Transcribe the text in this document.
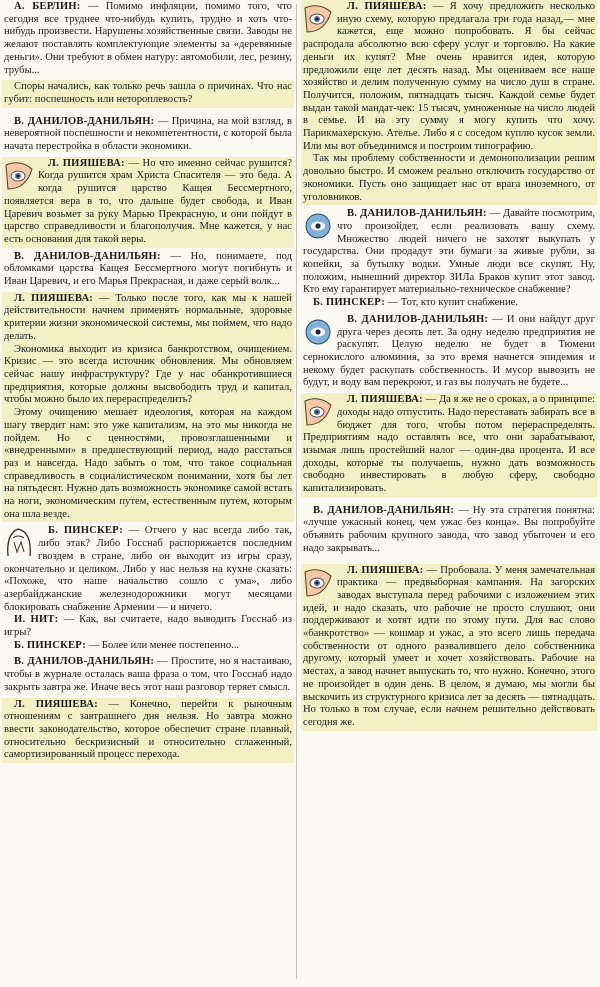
А. БЕРЛИН: — Помимо инфляции, помимо того, что сегодня все труднее что-нибудь купить, трудно и хоть что-нибудь произвести. Нарушены хозяйственные связи. Заводы не желают поставлять комплектующие элементы за «деревянные деньги». Они требуют в обмен натуру: автомобили, лес, резину, трубы...

Споры начались, как только речь зашла о причинах. Что нас губит: поспешность или нетороплевость?

В. ДАНИЛОВ-ДАНИЛЬЯН: — Причина, на мой взгляд, в невероятной поспешности и некомпетентности, с которой была начата перестройка в области экономики.

Л. ПИЯШЕВА: — Но что именно сейчас рушится? Когда рушится храм Христа Спасителя — это беда. А когда рушится царство Кащея Бессмертного, появляется вера в то, что дальше будет свобода, и Иван Царевич возьмет за руку Марью Прекрасную, и они пойдут в царство справедливости и благополучия. Мне кажется, у нас есть основания для такой веры.

В. ДАНИЛОВ-ДАНИЛЬЯН: — Но, понимаете, под обломками царства Кащея Бессмертного могут погибнуть и Иван Царевич, и его Марья Прекрасная, и даже серый волк...

Л. ПИЯШЕВА: — Только после того, как мы к нашей действительности начнем применять нормальные, здоровые критерии жизни экономической системы, мы поймем, что надо делать.

Экономика выходит из кризиса банкротством, очищением. Кризис — это всегда источник обновления. Мы обновляем сейчас нашу инфраструктуру? Где у нас обанкротившиеся предприятия, которые должны высвободить труд и капитал, чтобы можно было их перераспределить?

Этому очищению мешает идеология, которая на каждом шагу твердит нам: это уже капитализм, на это мы никогда не пойдем. Но с ценностями, провозглашенными и «внедренными» в предшествующий период, надо расстаться раз и навсегда. Надо забыть о том, что такое социальная справедливость в социалистическом понимании, хотя бы лет на пятьдесят. Нужно дать возможность экономике самой встать на ноги, экономическим путем, естественным путем, которым она шла везде.

Б. ПИНСКЕР: — Отчего у нас всегда либо так, либо этак? Либо Госснаб распоряжается последним гвоздем в стране, либо он выходит из игры сразу, окончательно и целиком. Либо у нас нельзя на кухне сказать: «Похоже, что наше начальство сошло с ума», либо азербайджанские железнодорожники могут месяцами блокировать снабжение Армении — и ничего.

И. НИТ: — Как, вы считаете, надо выводить Госснаб из игры?

Б. ПИНСКЕР: — Более или менее постепенно...

В. ДАНИЛОВ-ДАНИЛЬЯН: — Простите, но я настаиваю, чтобы в журнале осталась ваша фраза о том, что Госснаб надо закрыть завтра же. Иначе весь этот наш разговор теряет смысл.

Л. ПИЯШЕВА: — Конечно, перейти к рыночным отношениям с завтрашнего дня нельзя. Но завтра можно ввести законодательство, которое обеспечит стране плавный, относительно бескризисный и относительно сглаженный, самортизированный процесс перехода.

Л. ПИЯШЕВА: — Я хочу предложить несколько иную схему, которую предлагала три года назад,— мне кажется, еще можно попробовать. Я бы сейчас распродала абсолютно всю сферу услуг и торговлю. На какие деньги их купят? Мне очень нравится идея, которую предложили еще лет десять назад. Мы оцениваем все наше хозяйство и делим полученную сумму на число душ в стране. Получится, положим, пятнадцать тысяч. Каждой семье будет выдан такой мандат-чек: 15 тысяч, умноженные на число людей в семье. И на эту сумму я могу купить что хочу. Парикмахерскую. Ателье. Либо я с соседом куплю кусок земли. Или мы вот объединимся и построим типографию.

Так мы проблему собственности и демонополизации решим довольно быстро. И сможем реально отключить государство от экономики. Пусть оно защищает нас от врага иноземного, от уголовников.

В. ДАНИЛОВ-ДАНИЛЬЯН: — Давайте посмотрим, что произойдет, если реализовать вашу схему. Множество людей ничего не захотят выкупать у государства. Они продадут эти бумаги за живые рубли, за копейки, за бутылку водки. Умные люди все скупят. Ну, положим, нынешний директор ЗИЛа Браков купит этот завод. Кто ему гарантирует материально-техническое снабжение?

Б. ПИНСКЕР: — Тот, кто купит снабжение.

В. ДАНИЛОВ-ДАНИЛЬЯН: — И они найдут друг друга через десять лет. За одну неделю предприятия не раскупят. Целую неделю не будет в Тюмени сернокислого алюминия, за это время начнется эпидемия и некому будет раскупать собственность. И мусор вывозить не будут, и воду вам перекроют, и газ вы получать не будете...

Л. ПИЯШЕВА: — Да я же не о сроках, а о принципе: доходы надо отпустить. Надо переставать забирать все в бюджет для того, чтобы потом перераспределять. Предприятиям надо оставлять все, что они зарабатывают, изымая лишь простейший налог — один-два процента. И все доходы, которые ты получаешь, нужно дать возможность свободно инвестировать в любую сферу, свободно капитализировать.

В. ДАНИЛОВ-ДАНИЛЬЯН: — Ну эта стратегия понятна: «лучше ужасный конец, чем ужас без конца». Вы попробуйте объявить рабочим крупного завода, что завод убыточен и его надо закрывать...

Л. ПИЯШЕВА: — Пробовала. У меня замечательная практика — предвыборная кампания. На загорских заводах выступала перед рабочими с изложением этих идей, и надо сказать, что рабочие не просто слушают, они поддерживают и хотят идти по этому пути. Для вас слово «банкротство» — кошмар и ужас, а это всего лишь передача собственности от одного развалившего дело собственника другому, который умеет и хочет хозяйствовать. Рабочие на местах, а завод начнет выпускать то, что нужно. Конечно, этого не произойдет в один день. В целом, я думаю, мы могли бы выскочить из структурного кризиса лет за десять — пятнадцать. Но только в том случае, если начнем решительно действовать сегодня же.
